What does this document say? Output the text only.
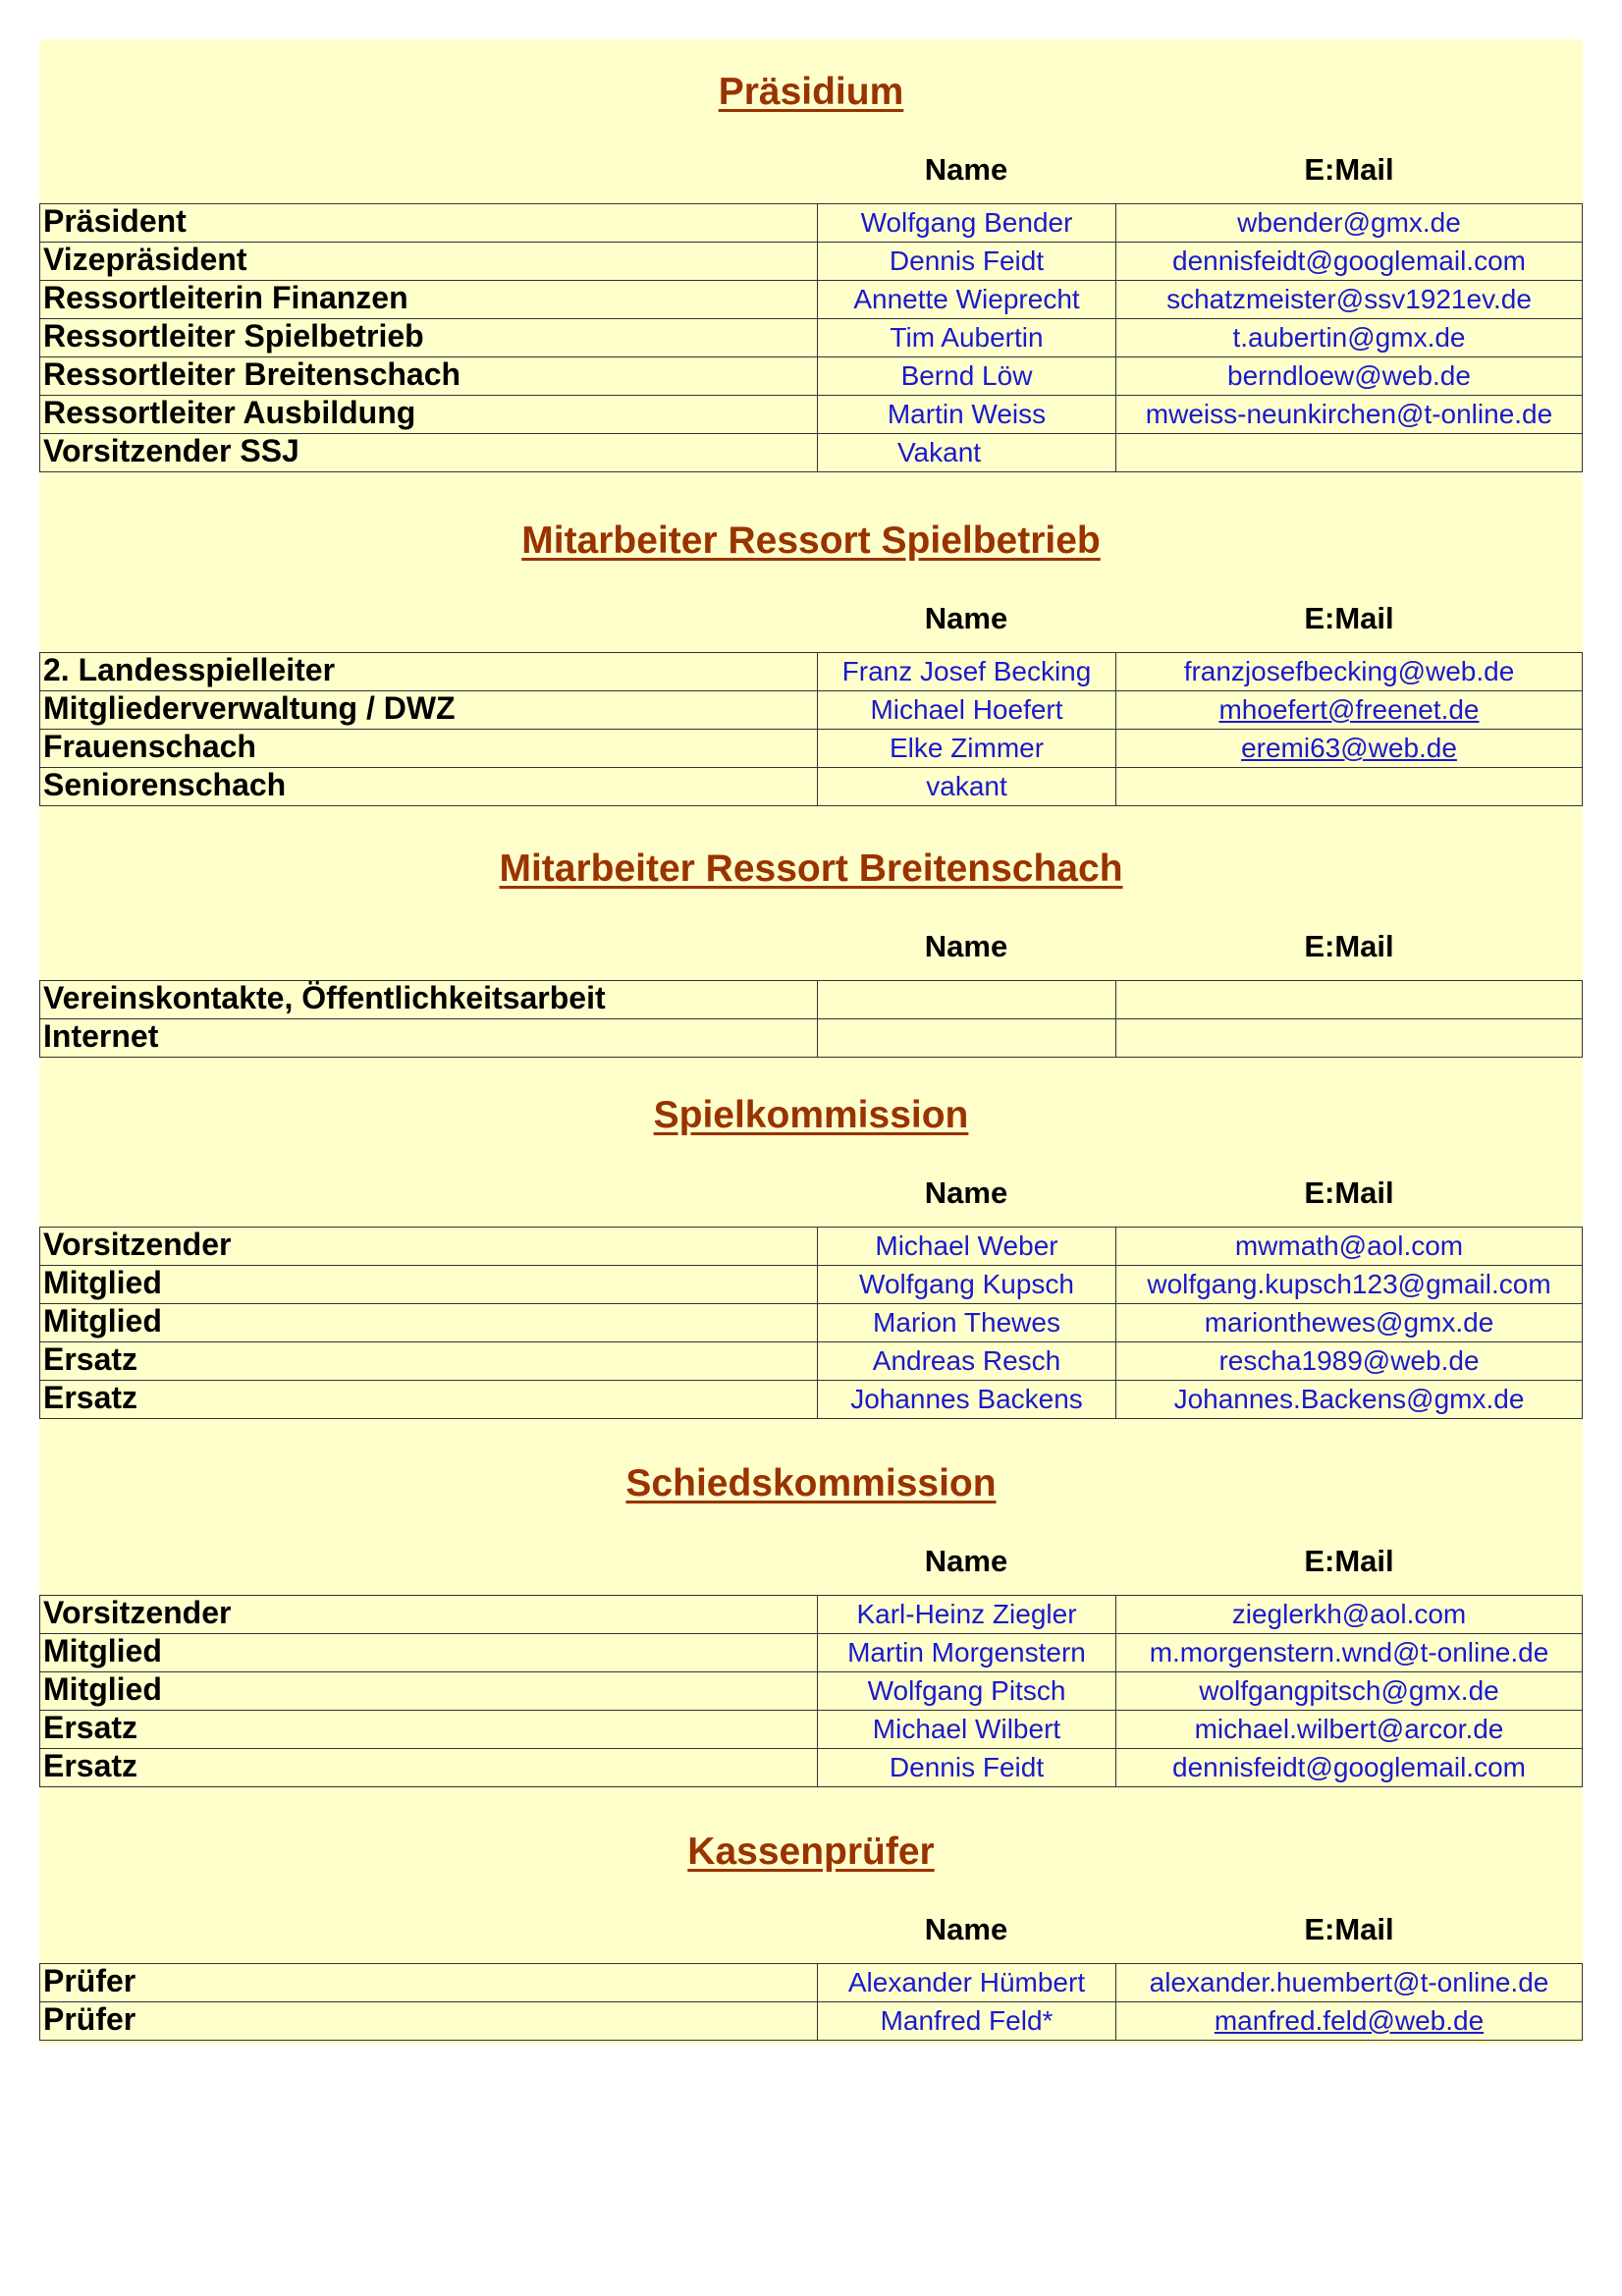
Präsidium
Name	E:Mail
Präsident	Wolfgang Bender	wbender@gmx.de
Vizepräsident	Dennis Feidt	dennisfeidt@googlemail.com
Ressortleiterin Finanzen	Annette Wieprecht	schatzmeister@ssv1921ev.de
Ressortleiter Spielbetrieb	Tim Aubertin	t.aubertin@gmx.de
Ressortleiter Breitenschach	Bernd Löw	berndloew@web.de
Ressortleiter Ausbildung	Martin Weiss	mweiss-neunkirchen@t-online.de
Vorsitzender SSJ	Vakant	
Mitarbeiter Ressort Spielbetrieb
Name	E:Mail
2. Landesspielleiter	Franz Josef Becking	franzjosefbecking@web.de
Mitgliederverwaltung / DWZ	Michael Hoefert	mhoefert@freenet.de
Frauenschach	Elke Zimmer	eremi63@web.de
Seniorenschach	vakant	
Mitarbeiter Ressort Breitenschach
Name	E:Mail
Vereinskontakte, Öffentlichkeitsarbeit		
Internet		
Spielkommission
Name	E:Mail
Vorsitzender	Michael Weber	mwmath@aol.com
Mitglied	Wolfgang Kupsch	wolfgang.kupsch123@gmail.com
Mitglied	Marion Thewes	marionthewes@gmx.de
Ersatz	Andreas Resch	rescha1989@web.de
Ersatz	Johannes Backens	Johannes.Backens@gmx.de
Schiedskommission
Name	E:Mail
Vorsitzender	Karl-Heinz Ziegler	zieglerkh@aol.com
Mitglied	Martin Morgenstern	m.morgenstern.wnd@t-online.de
Mitglied	Wolfgang Pitsch	wolfgangpitsch@gmx.de
Ersatz	Michael Wilbert	michael.wilbert@arcor.de
Ersatz	Dennis Feidt	dennisfeidt@googlemail.com
Kassenprüfer
Name	E:Mail
Prüfer	Alexander Hümbert	alexander.huembert@t-online.de
Prüfer	Manfred Feld*	manfred.feld@web.de
